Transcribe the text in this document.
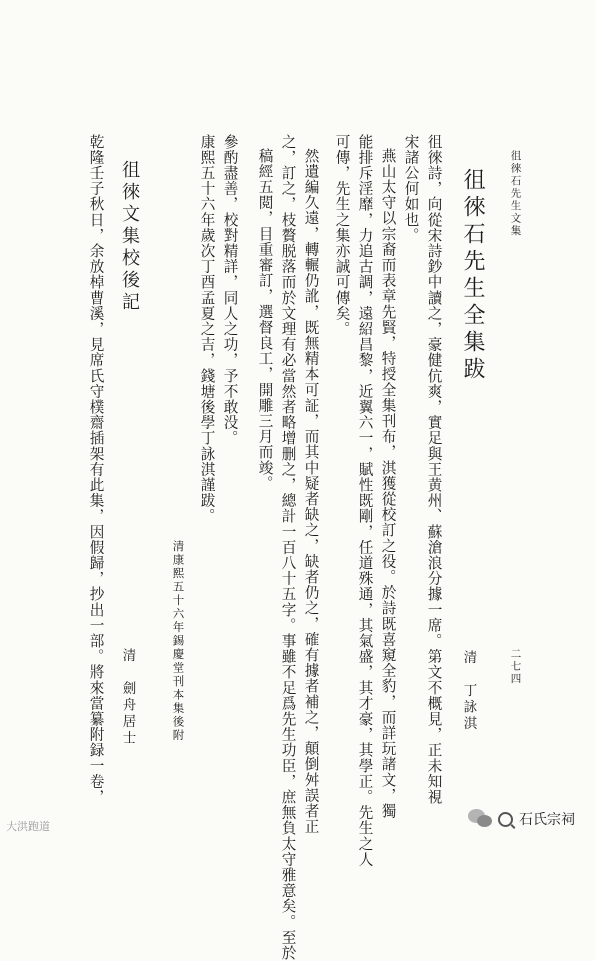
徂徠石先生文集
二七四
徂徠石先生全集跋
清　丁詠淇
徂徠詩，向從宋詩鈔中讀之，豪健伉爽，實足與王黄州、蘇滄浪分據一席。第文不概見，正未知視
宋諸公何如也。
燕山太守以宗裔而表章先賢，特授全集刊布，淇獲從校訂之役。於詩既喜窺全豹，而詳玩諸文，獨
能排斥淫靡，力追古調，遠紹昌黎，近翼六一，賦性既剛，任道殊通，其氣盛，其才豪，其學正。先生之人
可傳，先生之集亦誠可傳矣。
然遺編久遠，轉輾仍訛，既無精本可証，而其中疑者缺之，缺者仍之，確有據者補之，顛倒舛誤者正
之，訂之，枝贅脱落而於文理有必當然者略增删之，總計一百八十五字。事雖不足爲先生功臣，庶無負太守雅意矣。至於
稿經五閲，目重審訂，選督良工，開雕三月而竣。
參酌盡善，校對精詳，同人之功，予不敢没。
康熙五十六年歲次丁酉孟夏之吉，錢塘後學丁詠淇謹跋。
清康熙五十六年錫慶堂刊本集後附
徂徠文集校後記
清　劍舟居士
乾隆壬子秋日，余放棹曹溪，見席氏守樸齋插架有此集，因假歸，抄出一部。將來當纂附録一卷，
大洪跑道	石氏宗祠
